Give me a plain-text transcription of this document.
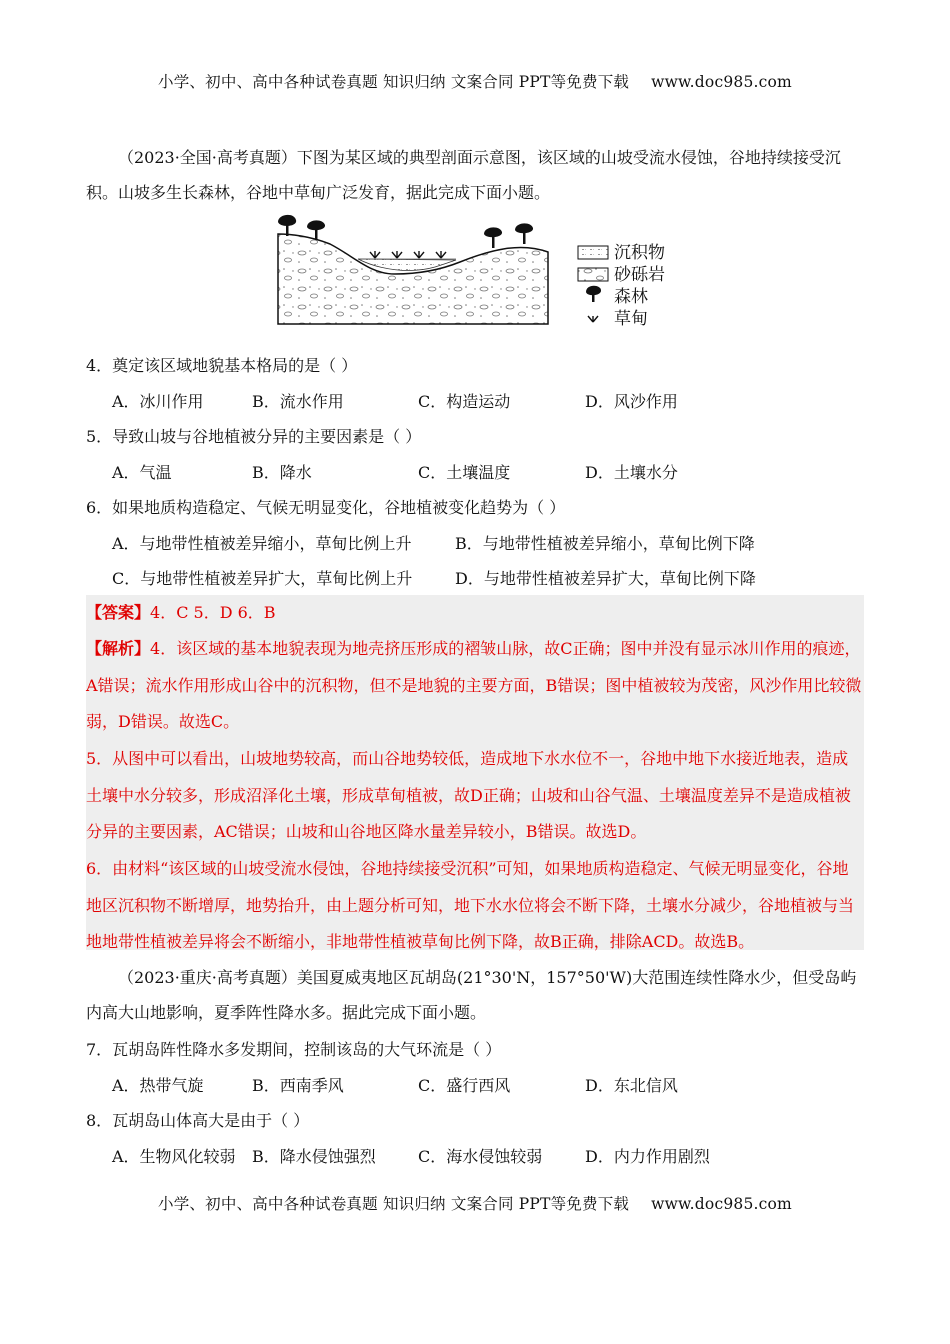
小学、初中、高中各种试卷真题 知识归纳 文案合同 PPT等免费下载 www.doc985.com
（2023·全国·高考真题）下图为某区域的典型剖面示意图，该区域的山坡受流水侵蚀，谷地持续接受沉积。山坡多生长森林，谷地中草甸广泛发育，据此完成下面小题。
沉积物
砂砾岩
森林
草甸
4．奠定该区域地貌基本格局的是（ ）
A．冰川作用	B．流水作用	C．构造运动	D．风沙作用
5．导致山坡与谷地植被分异的主要因素是（ ）
A．气温	B．降水	C．土壤温度	D．土壤水分
6．如果地质构造稳定、气候无明显变化，谷地植被变化趋势为（ ）
A．与地带性植被差异缩小，草甸比例上升	B．与地带性植被差异缩小，草甸比例下降
C．与地带性植被差异扩大，草甸比例上升	D．与地带性植被差异扩大，草甸比例下降
【答案】4．C 5．D 6．B
【解析】4．该区域的基本地貌表现为地壳挤压形成的褶皱山脉，故C正确；图中并没有显示冰川作用的痕迹，A错误；流水作用形成山谷中的沉积物，但不是地貌的主要方面，B错误；图中植被较为茂密，风沙作用比较微弱，D错误。故选C。
5．从图中可以看出，山坡地势较高，而山谷地势较低，造成地下水水位不一，谷地中地下水接近地表，造成土壤中水分较多，形成沼泽化土壤，形成草甸植被，故D正确；山坡和山谷气温、土壤温度差异不是造成植被分异的主要因素，AC错误；山坡和山谷地区降水量差异较小，B错误。故选D。
6．由材料“该区域的山坡受流水侵蚀，谷地持续接受沉积”可知，如果地质构造稳定、气候无明显变化，谷地地区沉积物不断增厚，地势抬升，由上题分析可知，地下水水位将会不断下降，土壤水分减少，谷地植被与当地地带性植被差异将会不断缩小，非地带性植被草甸比例下降，故B正确，排除ACD。故选B。
（2023·重庆·高考真题）美国夏威夷地区瓦胡岛(21°30'N，157°50'W)大范围连续性降水少，但受岛屿内高大山地影响，夏季阵性降水多。据此完成下面小题。
7．瓦胡岛阵性降水多发期间，控制该岛的大气环流是（ ）
A．热带气旋	B．西南季风	C．盛行西风	D．东北信风
8．瓦胡岛山体高大是由于（ ）
A．生物风化较弱 B．降水侵蚀强烈	C．海水侵蚀较弱	D．内力作用剧烈
小学、初中、高中各种试卷真题 知识归纳 文案合同 PPT等免费下载 www.doc985.com
